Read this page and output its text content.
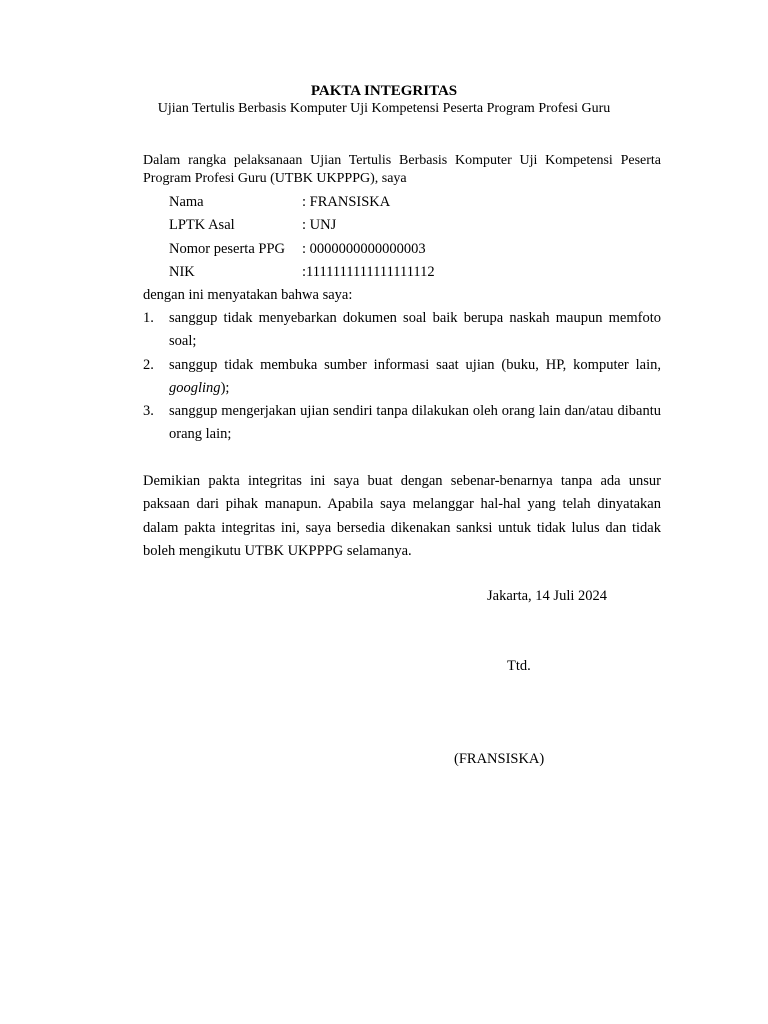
PAKTA INTEGRITAS
Ujian Tertulis Berbasis Komputer Uji Kompetensi Peserta Program Profesi Guru
Dalam rangka pelaksanaan Ujian Tertulis Berbasis Komputer Uji Kompetensi Peserta Program Profesi Guru (UTBK UKPPPG), saya
Nama	: FRANSISKA
LPTK Asal	: UNJ
Nomor peserta PPG : 0000000000000003
NIK	:1111111111111111112
dengan ini menyatakan bahwa saya:
1. sanggup tidak menyebarkan dokumen soal baik berupa naskah maupun memfoto soal;
2. sanggup tidak membuka sumber informasi saat ujian (buku, HP, komputer lain, googling);
3. sanggup mengerjakan ujian sendiri tanpa dilakukan oleh orang lain dan/atau dibantu orang lain;
Demikian pakta integritas ini saya buat dengan sebenar-benarnya tanpa ada unsur paksaan dari pihak manapun. Apabila saya melanggar hal-hal yang telah dinyatakan dalam pakta integritas ini, saya bersedia dikenakan sanksi untuk tidak lulus dan tidak boleh mengikutu UTBK UKPPPG selamanya.
Jakarta, 14 Juli 2024
Ttd.
(FRANSISKA)
